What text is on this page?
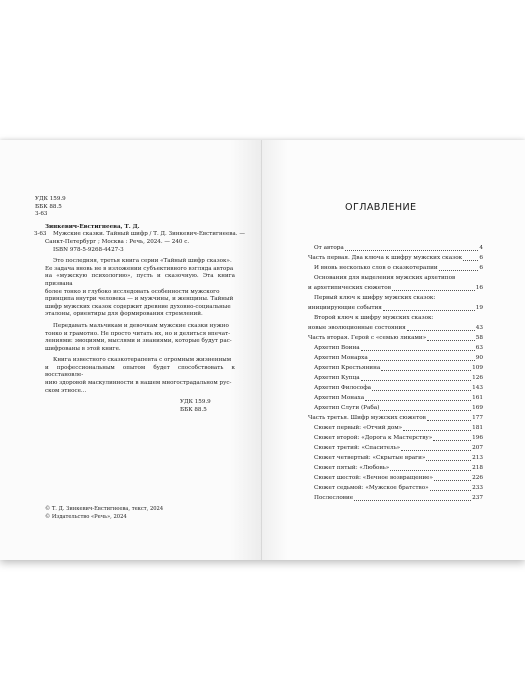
УДК 159.9
ББК 88.5
З-63
З-63
Зинкевич-Евстигнеева, Т. Д.
Мужские сказки. Тайный шифр / Т. Д. Зинкевич-Евстигнеева. —
Санкт-Петербург ; Москва : Речь, 2024. — 240 с.
ISBN 978-5-9268-4427-3

Это последняя, третья книга серии «Тайный шифр сказок».

Ее задача вновь не в изложении субъективного взгляда автора

на «мужскую психологию», пусть и сказочную. Эта книга призвана

более тонко и глубоко исследовать особенности мужского

принципа внутри человека — и мужчины, и женщины. Тайный

шифр мужских сказок содержит древние духовно-социальные

эталоны, ориентиры для формирования стремлений.

Передавать мальчикам и девочкам мужские сказки нужно

тонко и грамотно. Не просто читать их, но и делиться впечат-

лениями: эмоциями, мыслями и знаниями, которые будут рас-

шифрованы в этой книге.

Книга известного сказкотерапевта с огромным жизненным

и профессиональным опытом будет способствовать к восстановле-

нию здоровой маскулинности в нашем многострадальном рус-

ском этносе...

УДК 159.9
ББК 88.5
© Т. Д. Зинкевич-Евстигнеева, текст, 2024
© Издательство «Речь», 2024
ОГЛАВЛЕНИЕ
От автора	4
Часть первая. Два ключа к шифру мужских сказок	6
И вновь несколько слов о сказкотерапии	6
Основания для выделения мужских архетипов
и архетипических сюжетов	16
Первый ключ к шифру мужских сказок:
инициирующие события	19
Второй ключ к шифру мужских сказок:
новые эволюционные состояния	43
Часть вторая. Герой с «семью ликами»	58
Архетип Воина	63
Архетип Монарха	90
Архетип Крестьянина	109
Архетип Купца	126
Архетип Философа	143
Архетип Монаха	161
Архетип Слуги (Раба)	169
Часть третья. Шифр мужских сюжетов	177
Сюжет первый: «Отчий дом»	181
Сюжет второй: «Дорога к Мастерству»	196
Сюжет третий: «Спаситель»	207
Сюжет четвертый: «Скрытые враги»	213
Сюжет пятый: «Любовь»	218
Сюжет шестой: «Вечное возвращение»	226
Сюжет седьмой: «Мужское братство»	233
Послесловие	237
